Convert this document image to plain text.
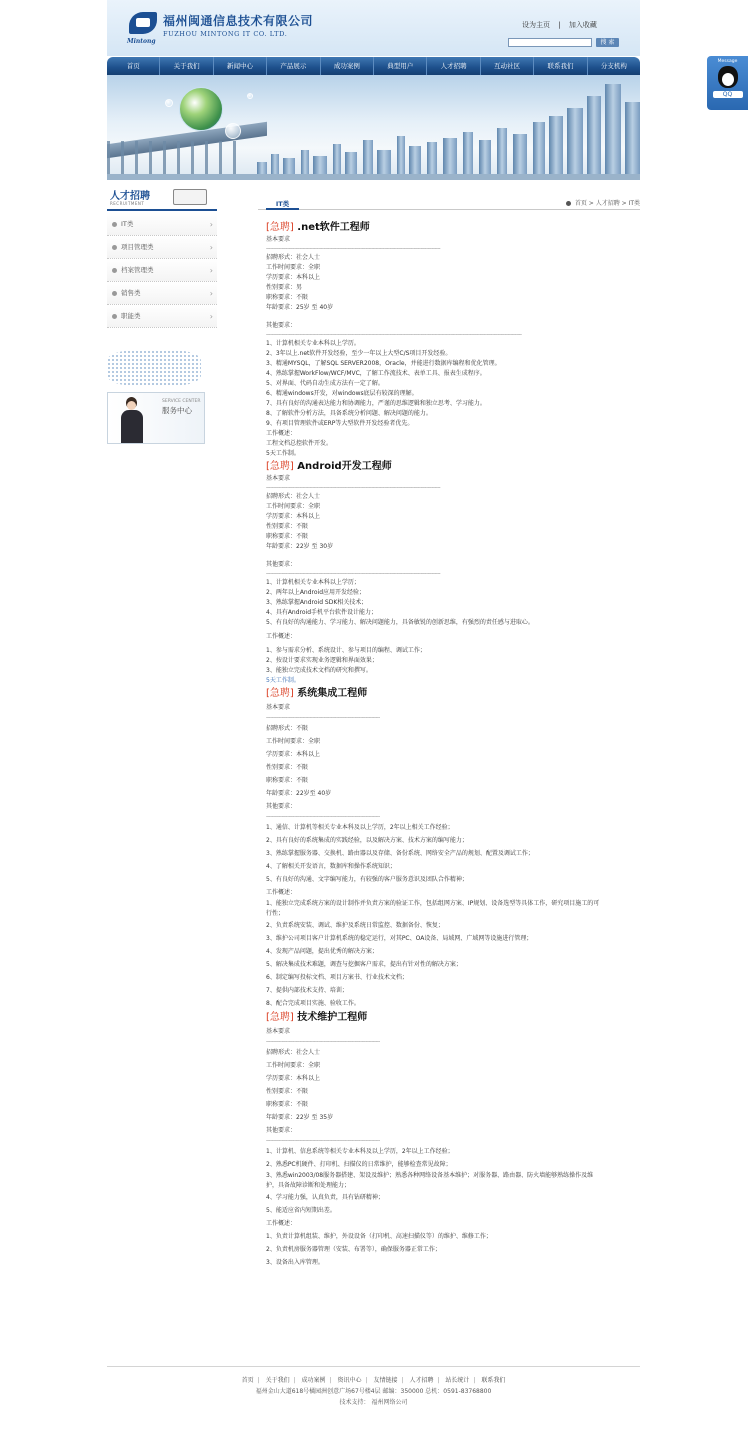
Mintong
福州闽通信息技术有限公司
FUZHOU MINTONG IT CO. LTD.
设为主页 | 加入收藏
搜 索
首页	关于我们	新闻中心	产品展示	成功案例	典型用户	人才招聘	互动社区	联系我们	分支机构
人才招聘
RECRUITMENT
IT类 ›
项目管理类 ›
档案管理类 ›
销售类 ›
职能类 ›
SERVICE CENTER
服务中心
IT类	首页 > 人才招聘 > IT类
[急聘] .net软件工程师
基本要求
----------------------------------------------------------------------------------------------------------------------------
招聘形式：社会人士
工作时间要求：全职
学历要求：本科以上
性别要求：男
职称要求：不限
年龄要求：25岁 至 40岁
其他要求：
--------------------------------------------------------------------------------------------------------------------------------------------------------------------------------------
1、计算机相关专业本科以上学历。
2、3年以上.net软件开发经验，至少一年以上大型C/S项目开发经验。
3、精通MYSQL，了解SQL SERVER2008，Oracle，并能进行数据库编程和优化管理。
4、熟练掌握WorkFlow/WCF/MVC，了解工作流技术、表单工具、报表生成程序。
5、对界面、代码自动生成方法有一定了解。
6、精通windows开发，对windows底层有较深的理解。
7、具有良好的沟通表达能力和协调能力，严谨的思维逻辑和独立思考、学习能力。
8、了解软件分析方法，具备系统分析问题、解决问题的能力。
9、有项目管理软件或ERP等大型软件开发经验者优先。
工作概述：
工程文档总控软件开发。
5天工作制。
[急聘] Android开发工程师
基本要求
----------------------------------------------------------------------------------------------------------------------------
招聘形式：社会人士
工作时间要求：全职
学历要求：本科以上
性别要求：不限
职称要求：不限
年龄要求：22岁 至 30岁
其他要求：
----------------------------------------------------------------------------------------------------------------------------
1、计算机相关专业本科以上学历；
2、两年以上Android应用开发经验；
3、熟练掌握Android SDK相关技术；
4、具有Android手机平台软件设计能力；
5、有良好的沟通能力、学习能力、解决问题能力，具备敏锐的创新思维，有强烈的责任感与进取心。
工作概述：
1、参与需求分析、系统设计、参与项目的编程、调试工作；
2、按设计要求实现业务逻辑和界面效果；
3、能独立完成技术文档的研究和撰写。
5天工作制。
[急聘] 系统集成工程师
基本要求
---------------------------------------------------------------------------------
招聘形式：不限
工作时间要求：全职
学历要求：本科以上
性别要求：不限
职称要求：不限
年龄要求：22岁至 40岁
其他要求：
---------------------------------------------------------------------------------
1、通信、计算机等相关专业本科及以上学历，2年以上相关工作经验；
2、具有良好的系统集成的实践经验，以及解决方案、技术方案的编写能力；
3、熟练掌握服务器、交换机、路由器以及存储、备份系统、网络安全产品的规划、配置及调试工作；
4、了解相关开发语言，数据库和操作系统知识；
5、有良好的沟通、文字编写能力，有较强的客户服务意识及团队合作精神；
工作概述：
1、能独立完成系统方案的设计制作并负责方案的验证工作，包括组网方案、IP规划、设备选型等具体工作，研究项目施工的可
行性；
2、负责系统安装、调试、维护及系统日常监控、数据备份、恢复；
3、维护公司项目客户计算机系统的稳定运行，对其PC、OA设备、局域网、广域网等设施进行管理；
4、发现产品问题，提出优秀的解决方案；
5、解决集成技术难题，调查与挖掘客户需求，提出有针对性的解决方案；
6、制定编写投标文档、项目方案书、行业技术文档；
7、提供内部技术支持、培训；
8、配合完成项目实施、验收工作。
[急聘] 技术维护工程师
基本要求
---------------------------------------------------------------------------------
招聘形式：社会人士
工作时间要求：全职
学历要求：本科以上
性别要求：不限
职称要求：不限
年龄要求：22岁 至 35岁
其他要求：
---------------------------------------------------------------------------------
1、计算机、信息系统等相关专业本科及以上学历，2年以上工作经验；
2、熟悉PC机硬件、打印机、扫描仪的日常维护，能够检查常见故障；
3、熟悉win2003/08服务器搭建、架设及维护；熟悉各种网络设备基本维护；对服务器、路由器、防火墙能够熟练操作及维
护，具备故障诊断和处理能力；
4、学习能力强，认真负责，具有钻研精神；
5、能适应省内短期出差。
工作概述：
1、负责计算机组装、维护，外设设备（打印机、高速扫描仪等）的维护、维修工作；
2、负责机房服务器管理（安装、布署等），确保服务器正常工作；
3、设备出入库管理。
首页 | 关于我们 | 成功案例 | 资讯中心 | 友情链接 | 人才招聘 | 站长统计 | 联系我们
福州金山大道618号橘园洲创意广场67号楼4层 邮编：350000 总机：0591-83768800
技术支持： 福州网络公司
Message
QQ
